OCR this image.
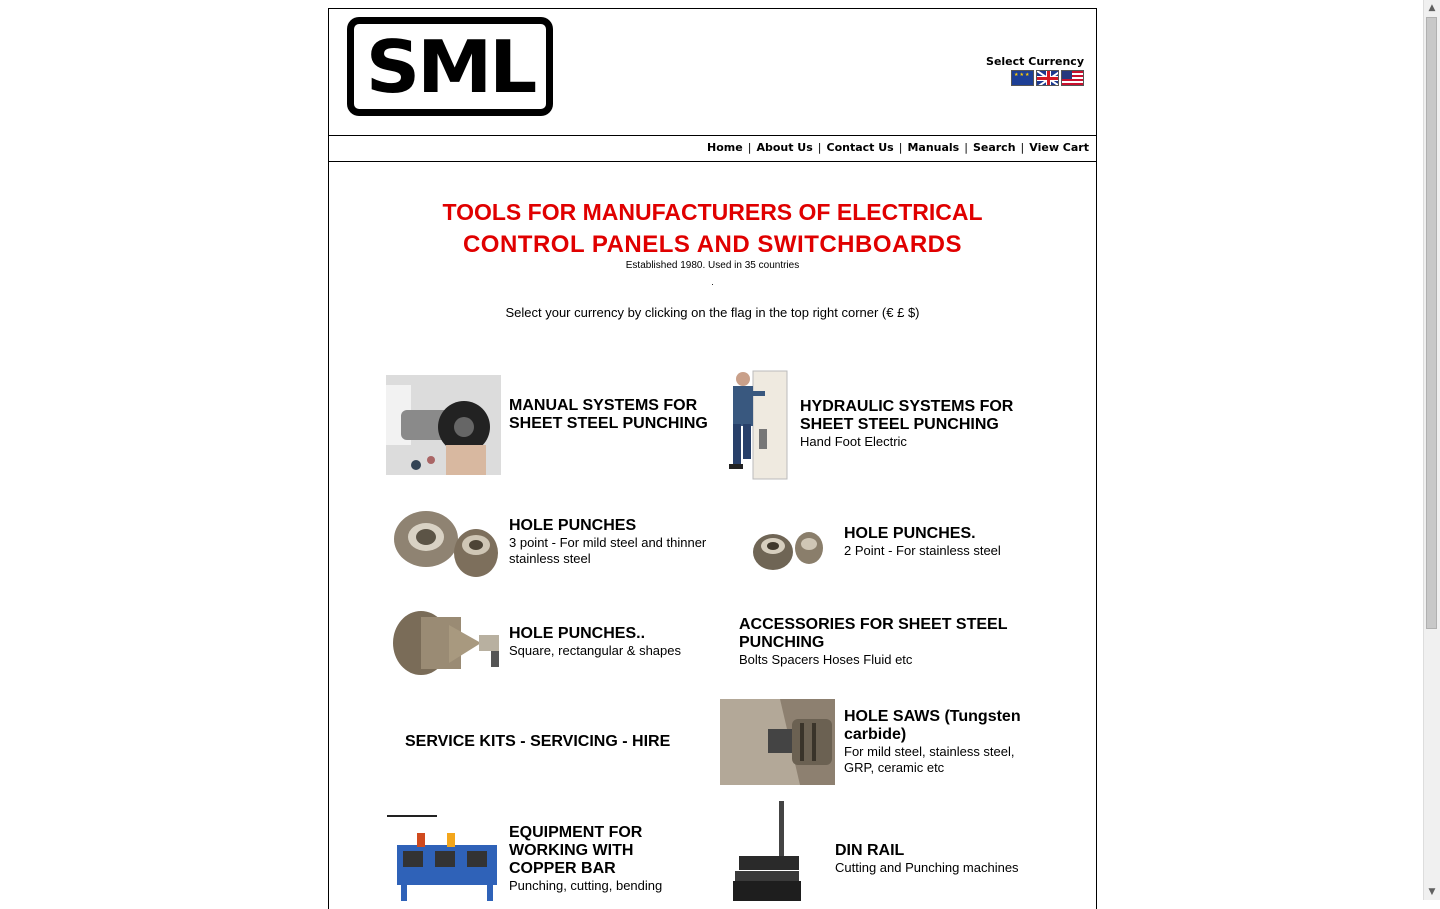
SML	Select Currency
★★★
Home | About Us | Contact Us | Manuals | Search | View Cart
TOOLS FOR MANUFACTURERS OF ELECTRICAL
CONTROL PANELS AND SWITCHBOARDS
Established 1980. Used in 35 countries
.
Select your currency by clicking on the flag in the top right corner (€ £ $)
MANUAL SYSTEMS FOR SHEET STEEL PUNCHING
HYDRAULIC SYSTEMS FOR SHEET STEEL PUNCHING
Hand Foot Electric
HOLE PUNCHES
3 point - For mild steel and thinner stainless steel
HOLE PUNCHES.
2 Point - For stainless steel
HOLE PUNCHES..
Square, rectangular & shapes
ACCESSORIES FOR SHEET STEEL PUNCHING
Bolts Spacers Hoses Fluid etc
SERVICE KITS - SERVICING - HIRE
HOLE SAWS (Tungsten carbide)
For mild steel, stainless steel, GRP, ceramic etc
EQUIPMENT FOR WORKING WITH COPPER BAR
Punching, cutting, bending
DIN RAIL
Cutting and Punching machines
▲
▼
